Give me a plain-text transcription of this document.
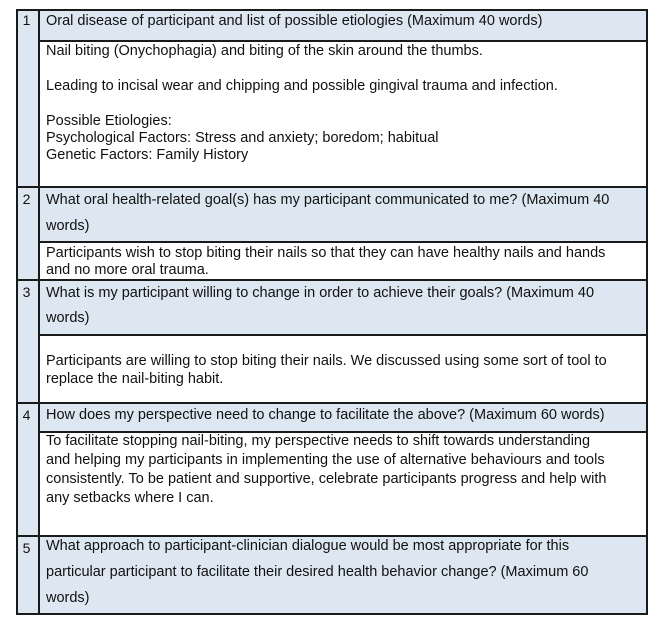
1	Oral disease of participant and list of possible etiologies (Maximum 40 words)
Nail biting (Onychophagia) and biting of the skin around the thumbs.
Leading to incisal wear and chipping and possible gingival trauma and infection.
Possible Etiologies:
Psychological Factors: Stress and anxiety; boredom; habitual
Genetic Factors: Family History
2	What oral health-related goal(s) has my participant communicated to me? (Maximum 40
words)
Participants wish to stop biting their nails so that they can have healthy nails and hands
and no more oral trauma.
3	What is my participant willing to change in order to achieve their goals? (Maximum 40
words)
Participants are willing to stop biting their nails. We discussed using some sort of tool to
replace the nail-biting habit.
4	How does my perspective need to change to facilitate the above? (Maximum 60 words)
To facilitate stopping nail-biting, my perspective needs to shift towards understanding
and helping my participants in implementing the use of alternative behaviours and tools
consistently. To be patient and supportive, celebrate participants progress and help with
any setbacks where I can.
5	What approach to participant-clinician dialogue would be most appropriate for this
particular participant to facilitate their desired health behavior change? (Maximum 60
words)
